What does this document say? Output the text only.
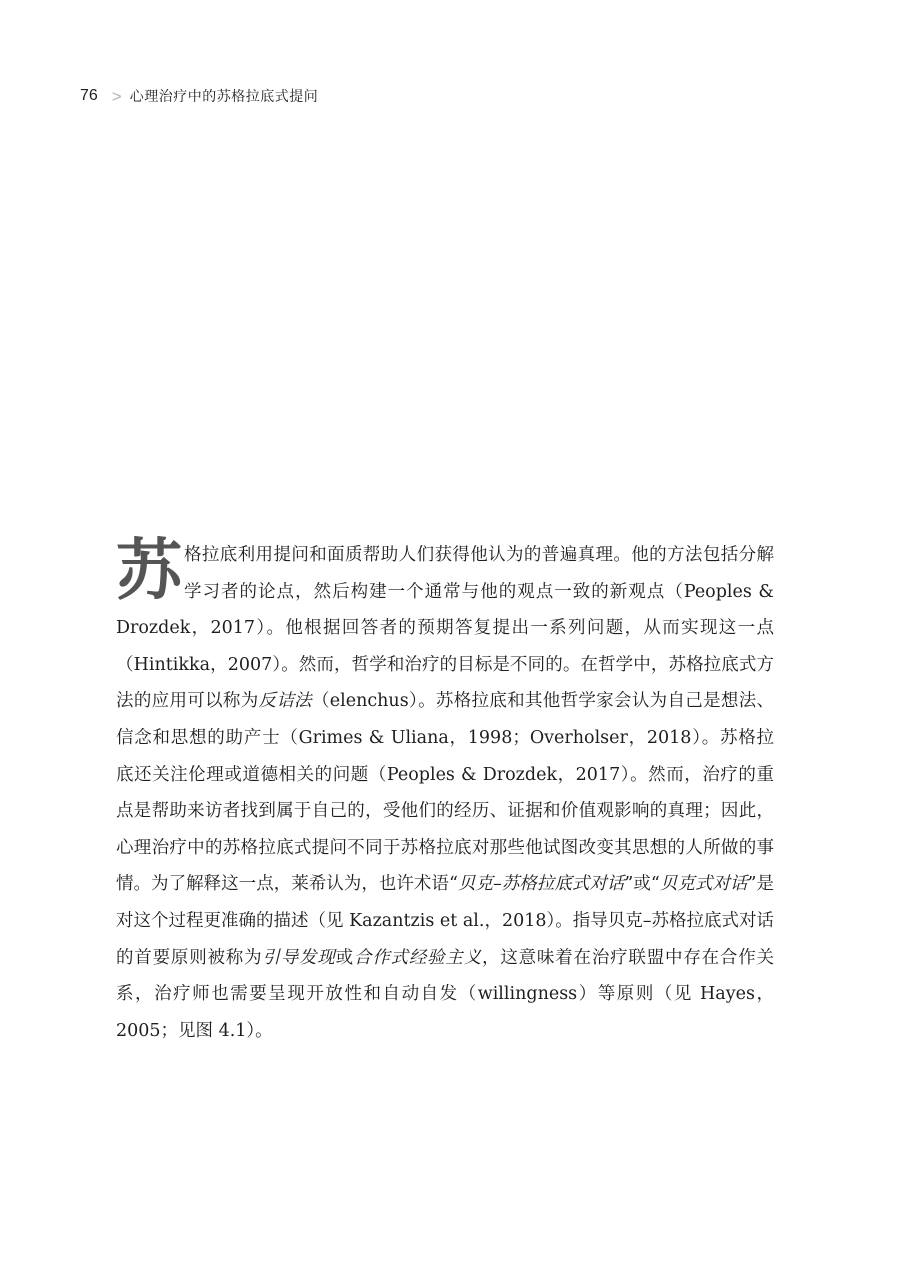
76 > 心理治疗中的苏格拉底式提问
苏格拉底利用提问和面质帮助人们获得他认为的普遍真理。他的方法包括分解学习者的论点，然后构建一个通常与他的观点一致的新观点（Peoples & Drozdek，2017）。他根据回答者的预期答复提出一系列问题，从而实现这一点（Hintikka，2007）。然而，哲学和治疗的目标是不同的。在哲学中，苏格拉底式方法的应用可以称为反诘法（elenchus）。苏格拉底和其他哲学家会认为自己是想法、信念和思想的助产士（Grimes & Uliana，1998；Overholser，2018）。苏格拉底还关注伦理或道德相关的问题（Peoples & Drozdek，2017）。然而，治疗的重点是帮助来访者找到属于自己的，受他们的经历、证据和价值观影响的真理；因此，心理治疗中的苏格拉底式提问不同于苏格拉底对那些他试图改变其思想的人所做的事情。为了解释这一点，莱希认为，也许术语“贝克–苏格拉底式对话”或“贝克式对话”是对这个过程更准确的描述（见 Kazantzis et al.，2018）。指导贝克–苏格拉底式对话的首要原则被称为引导发现或合作式经验主义，这意味着在治疗联盟中存在合作关系，治疗师也需要呈现开放性和自动自发（willingness）等原则（见 Hayes，2005；见图 4.1）。
